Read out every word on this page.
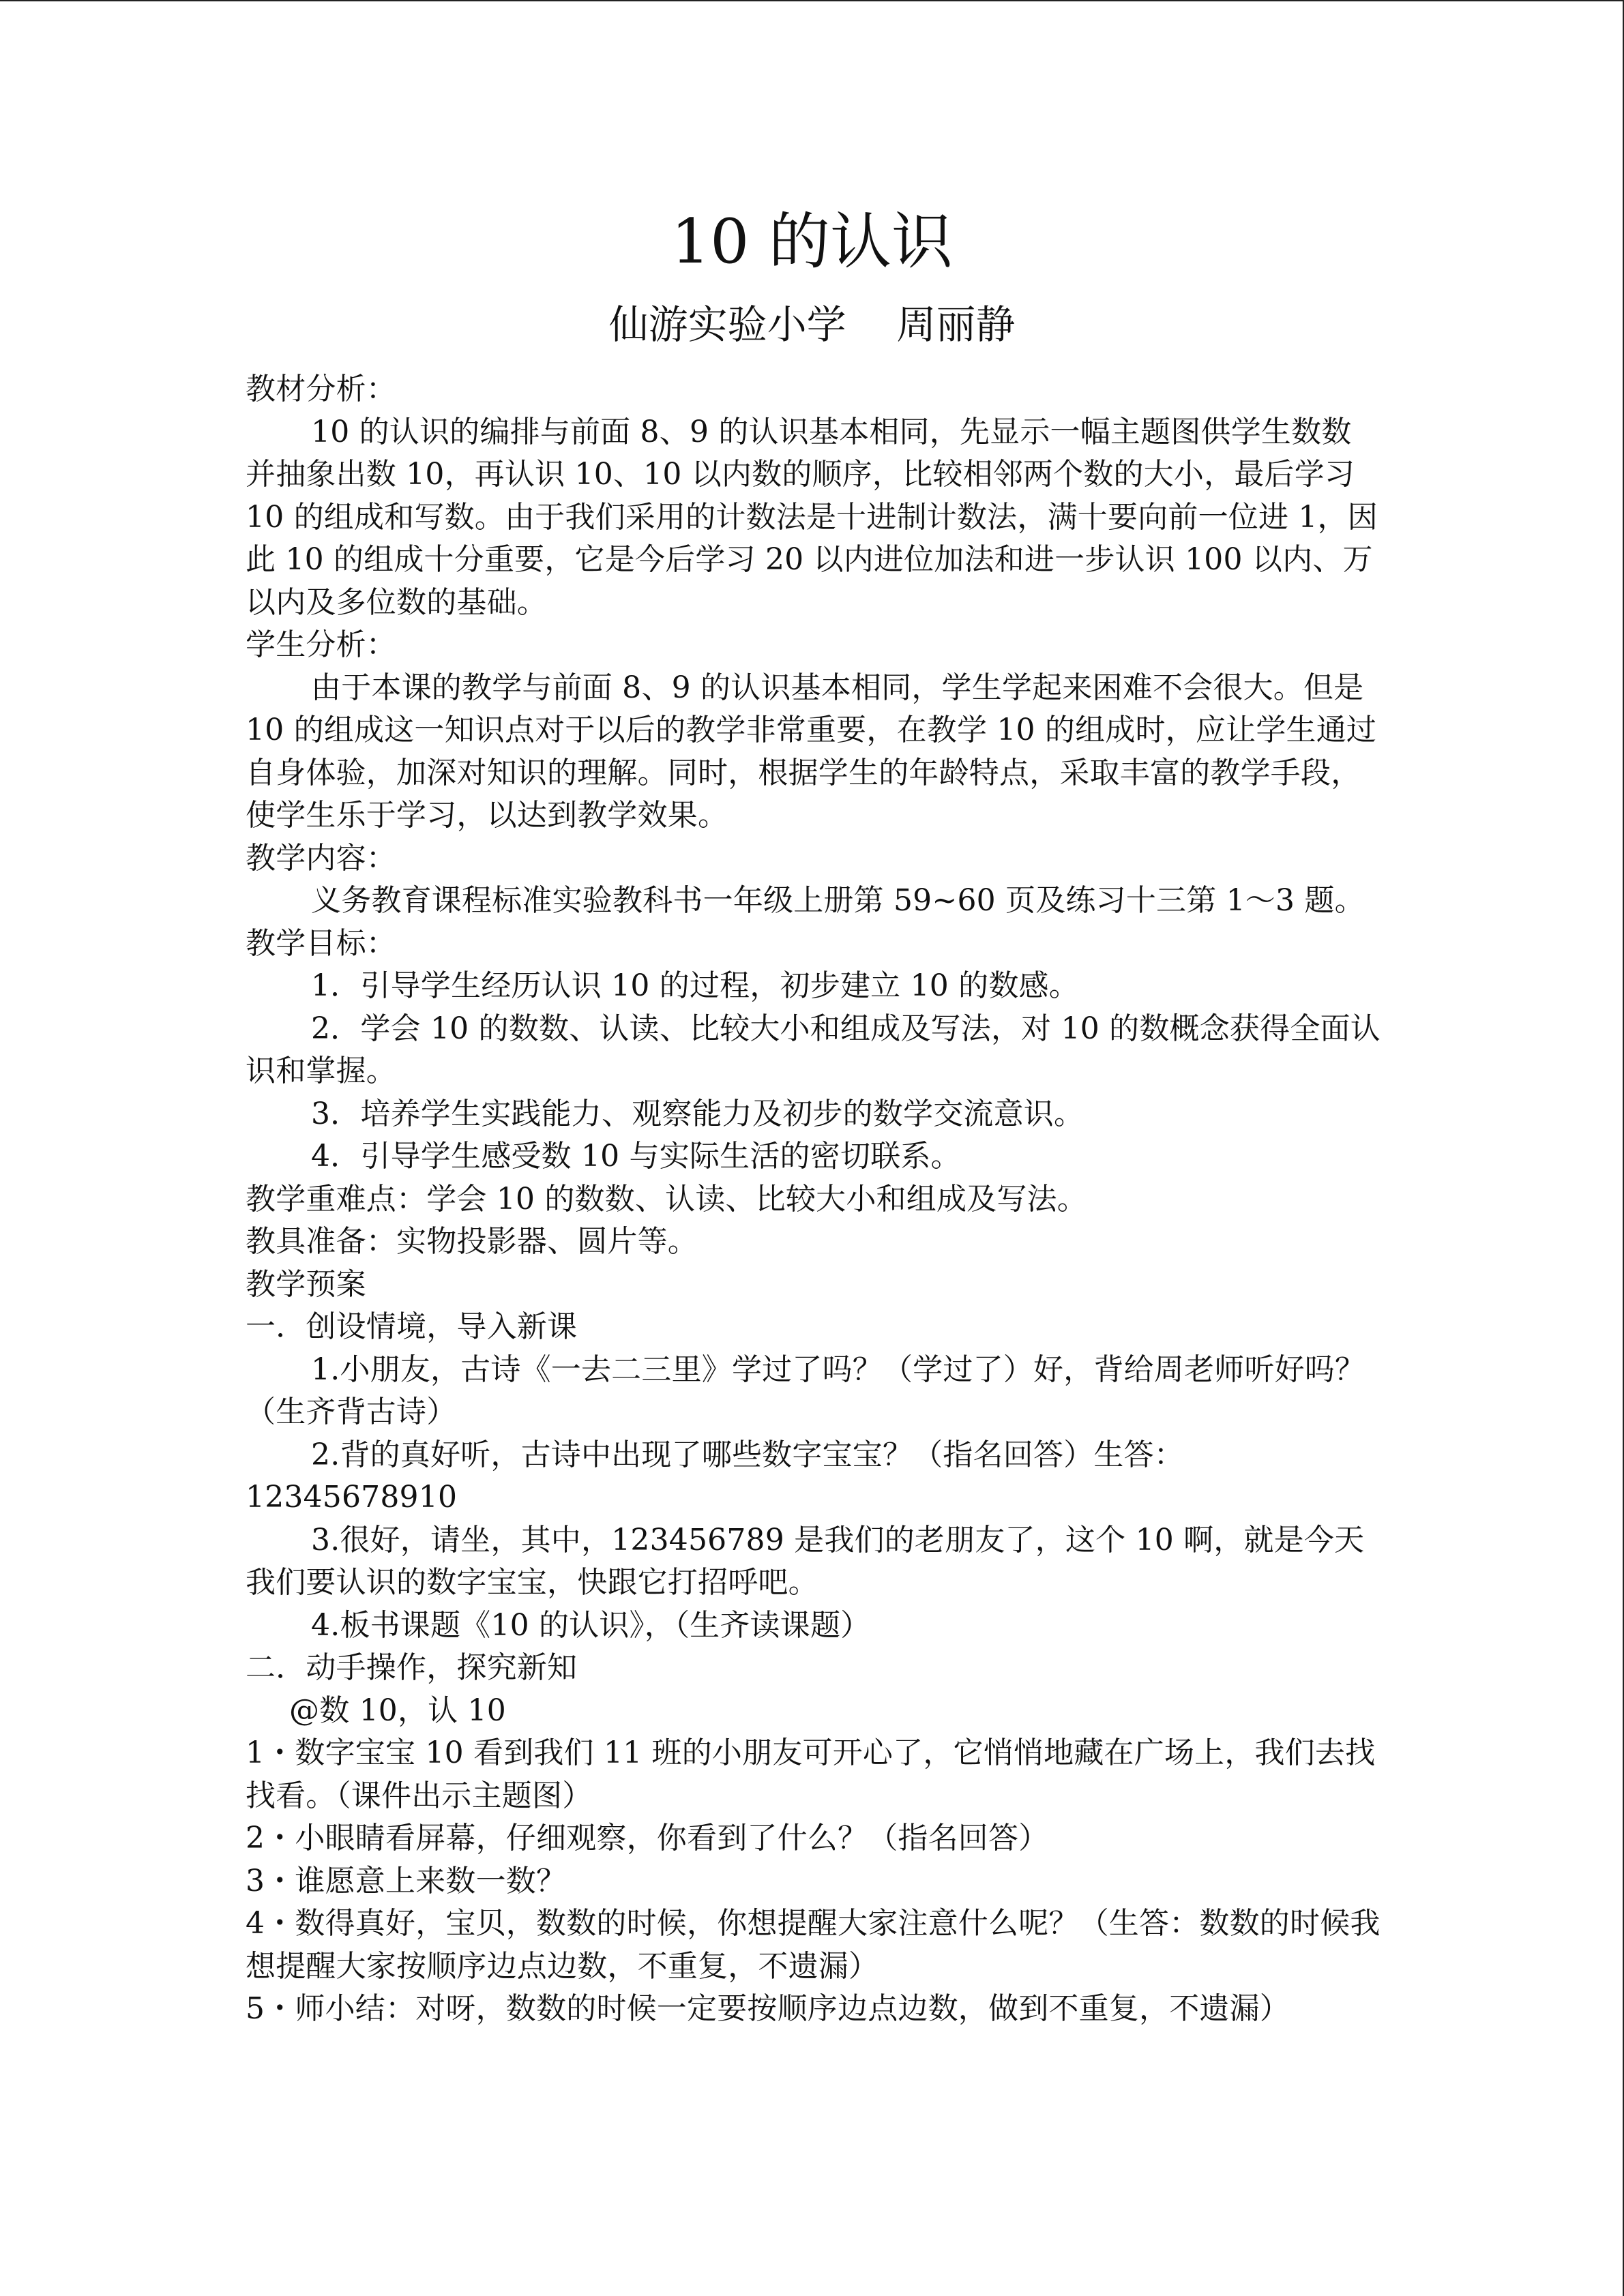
10 的认识
仙游实验小学    周丽静

教材分析：

10 的认识的编排与前面 8、9 的认识基本相同，先显示一幅主题图供学生数数并抽象出数 10，再认识 10、10 以内数的顺序，比较相邻两个数的大小，最后学习 10 的组成和写数。由于我们采用的计数法是十进制计数法，满十要向前一位进 1，因此 10 的组成十分重要，它是今后学习 20 以内进位加法和进一步认识 100 以内、万以内及多位数的基础。

学生分析：

由于本课的教学与前面 8、9 的认识基本相同，学生学起来困难不会很大。但是 10 的组成这一知识点对于以后的教学非常重要，在教学 10 的组成时，应让学生通过自身体验，加深对知识的理解。同时，根据学生的年龄特点，采取丰富的教学手段，使学生乐于学习，以达到教学效果。

教学内容：

义务教育课程标准实验教科书一年级上册第 59~60 页及练习十三第 1～3 题。

教学目标：

1．引导学生经历认识 10 的过程，初步建立 10 的数感。

2．学会 10 的数数、认读、比较大小和组成及写法，对 10 的数概念获得全面认识和掌握。

3．培养学生实践能力、观察能力及初步的数学交流意识。

4．引导学生感受数 10 与实际生活的密切联系。

教学重难点：学会 10 的数数、认读、比较大小和组成及写法。

教具准备：实物投影器、圆片等。

教学预案

一．创设情境，导入新课

1.小朋友，古诗《一去二三里》学过了吗？（学过了）好，背给周老师听好吗？（生齐背古诗）

2.背的真好听，古诗中出现了哪些数字宝宝？（指名回答）生答：12345678910

3.很好，请坐，其中，123456789 是我们的老朋友了，这个 10 啊，就是今天我们要认识的数字宝宝，快跟它打招呼吧。

4.板书课题《10 的认识》，（生齐读课题）

二．动手操作，探究新知

@数 10，认 10

1・数字宝宝 10 看到我们 11 班的小朋友可开心了，它悄悄地藏在广场上，我们去找找看。（课件出示主题图）

2・小眼睛看屏幕，仔细观察，你看到了什么？（指名回答）

3・谁愿意上来数一数？

4・数得真好，宝贝，数数的时候，你想提醒大家注意什么呢？（生答：数数的时候我想提醒大家按顺序边点边数，不重复，不遗漏）

5・师小结：对呀，数数的时候一定要按顺序边点边数，做到不重复，不遗漏）
